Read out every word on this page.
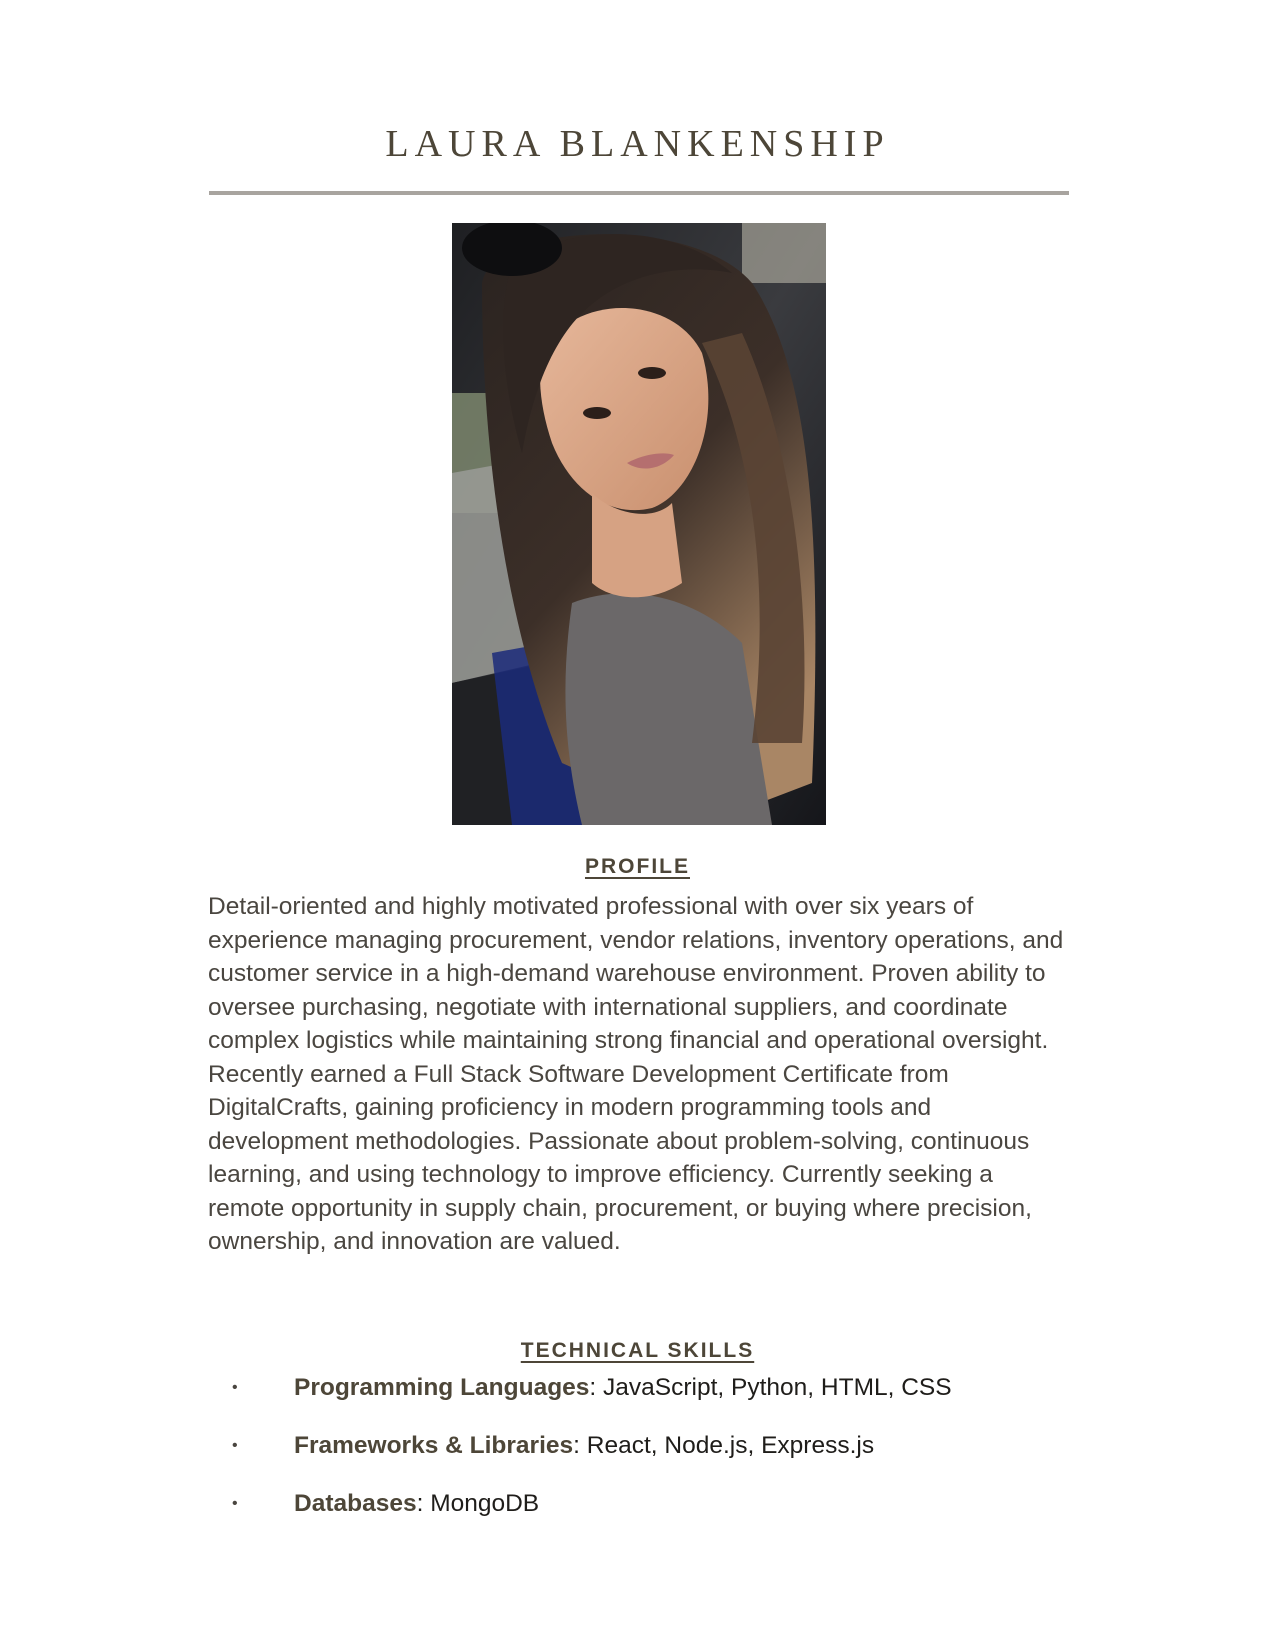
LAURA BLANKENSHIP
PROFILE

Detail-oriented and highly motivated professional with over six years of experience managing procurement, vendor relations, inventory operations, and customer service in a high-demand warehouse environment. Proven ability to oversee purchasing, negotiate with international suppliers, and coordinate complex logistics while maintaining strong financial and operational oversight. Recently earned a Full Stack Software Development Certificate from DigitalCrafts, gaining proficiency in modern programming tools and development methodologies. Passionate about problem-solving, continuous learning, and using technology to improve efficiency. Currently seeking a remote opportunity in supply chain, procurement, or buying where precision, ownership, and innovation are valued.

TECHNICAL SKILLS
• Programming Languages: JavaScript, Python, HTML, CSS
• Frameworks & Libraries: React, Node.js, Express.js
• Databases: MongoDB
